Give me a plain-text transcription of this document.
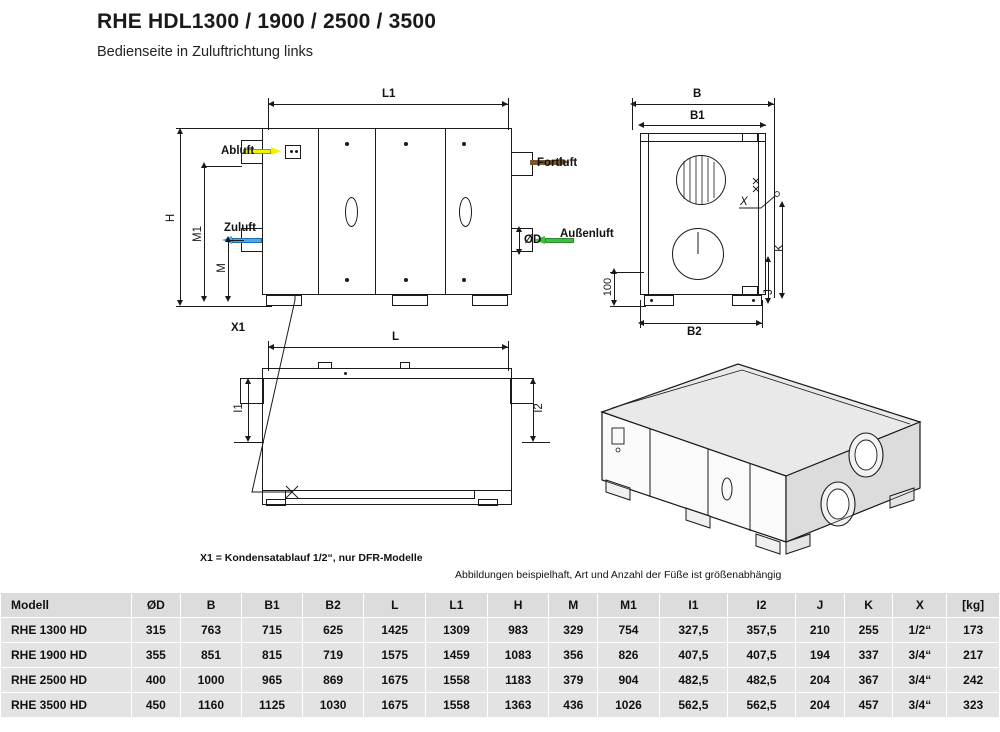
RHE HDL1300 / 1900 / 2500 / 3500
Bedienseite in Zuluftrichtung links
L1
Abluft
Zuluft
Fortluft
Außenluft
ØD
H
M1
M
X1
L
I1	I2
B
B1
X
K
J
100
B2
X1 = Kondensatablauf 1/2“, nur DFR-Modelle
Abbildungen beispielhaft, Art und Anzahl der Füße ist größenabhängig
Modell	ØD	B	B1	B2	L	L1	H	M	M1	I1	I2	J	K	X	[kg]
RHE 1300 HD	315	763	715	625	1425	1309	983	329	754	327,5	357,5	210	255	1/2“	173
RHE 1900 HD	355	851	815	719	1575	1459	1083	356	826	407,5	407,5	194	337	3/4“	217
RHE 2500 HD	400	1000	965	869	1675	1558	1183	379	904	482,5	482,5	204	367	3/4“	242
RHE 3500 HD	450	1160	1125	1030	1675	1558	1363	436	1026	562,5	562,5	204	457	3/4“	323
